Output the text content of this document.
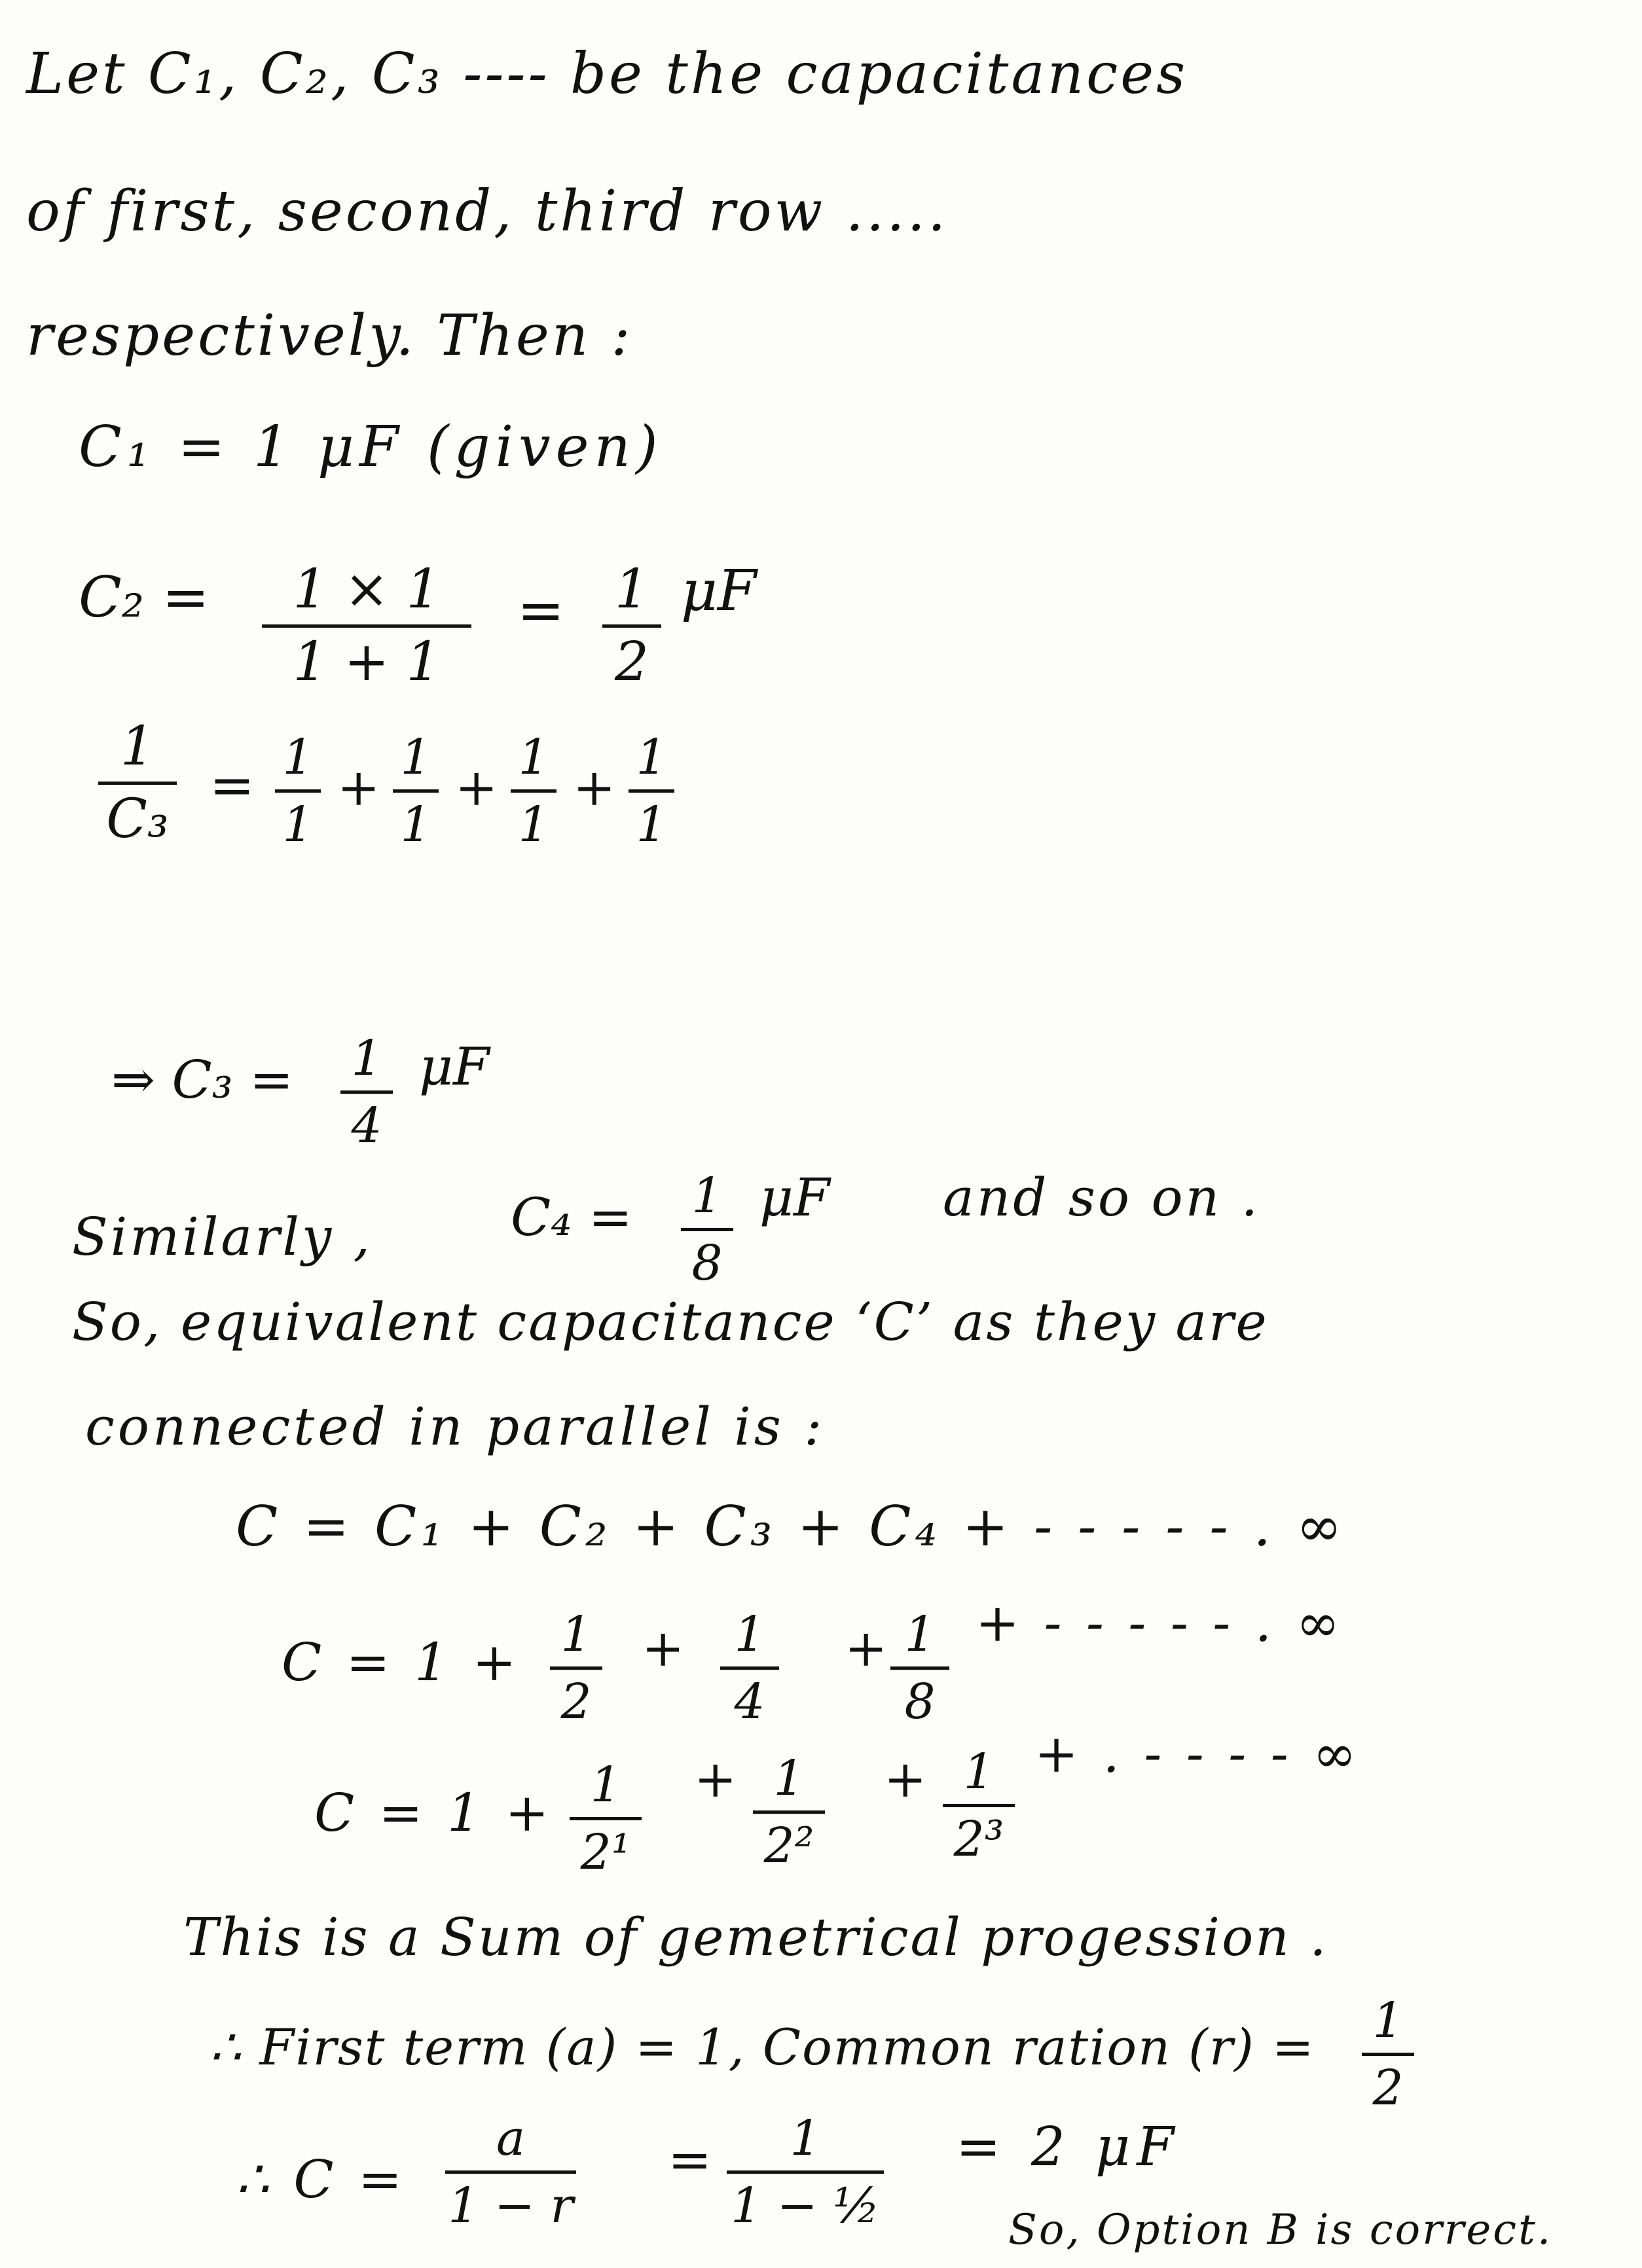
Let C₁, C₂, C₃ ---- be the capacitances
of first, second, third row .....
respectively. Then :
C₁ = 1 μF (given)
C₂ =	1 × 1
1 + 1
= 1
2
μF
1
C₃
= 1
1
+
1
1
+
1
1
+
1
1
⇒ C₃ = 1
4
μF
Similarly ,	C₄ = 1
8
μF and so on .
So, equivalent capacitance ‘C’ as they are
connected in parallel is :
C = C₁ + C₂ + C₃ + C₄ + - - - - - . ∞
C = 1 + 1
2
+ 1
4
+ 1
8
+ - - - - - . ∞
C = 1 + 1
2¹
+ 1
2²
+ 1
2³
+ . - - - - ∞
This is a Sum of gemetrical progession .
∴ First term (a) = 1, Common ration (r) = 1
2
∴ C =
a
1 − r
=	1
1 − ½
= 2 μF
So, Option B is correct.
